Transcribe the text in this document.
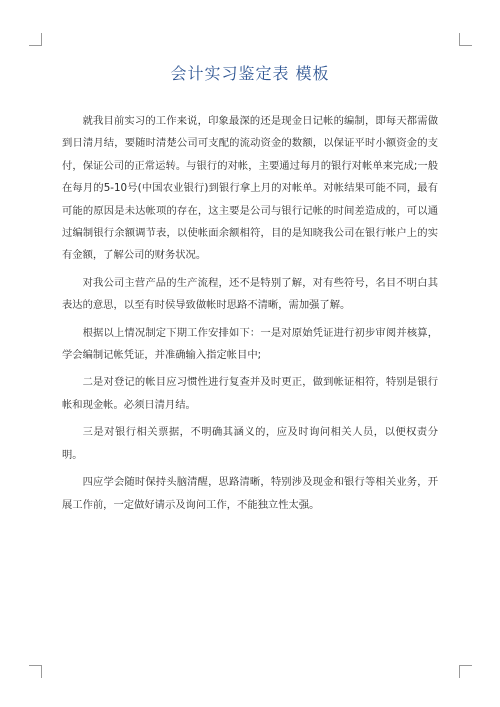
会计实习鉴定表 模板

就我目前实习的工作来说，印象最深的还是现金日记帐的编制，即每天都需做到日清月结，要随时清楚公司可支配的流动资金的数额，以保证平时小额资金的支付，保证公司的正常运转。与银行的对帐，主要通过每月的银行对帐单来完成;一般在每月的5-10号(中国农业银行)到银行拿上月的对帐单。对帐结果可能不同，最有可能的原因是未达帐项的存在，这主要是公司与银行记帐的时间差造成的，可以通过编制银行余额调节表，以使帐面余额相符，目的是知晓我公司在银行帐户上的实有金额，了解公司的财务状况。

对我公司主营产品的生产流程，还不是特别了解，对有些符号，名目不明白其表达的意思，以至有时侯导致做帐时思路不清晰，需加强了解。

根据以上情况制定下期工作安排如下：一是对原始凭证进行初步审阅并核算，学会编制记帐凭证，并准确输入指定帐目中;

二是对登记的帐目应习惯性进行复查并及时更正，做到帐证相符，特别是银行帐和现金帐。必须日清月结。

三是对银行相关票据，不明确其涵义的，应及时询问相关人员，以便权责分明。

四应学会随时保持头脑清醒，思路清晰，特别涉及现金和银行等相关业务，开展工作前，一定做好请示及询问工作，不能独立性太强。
